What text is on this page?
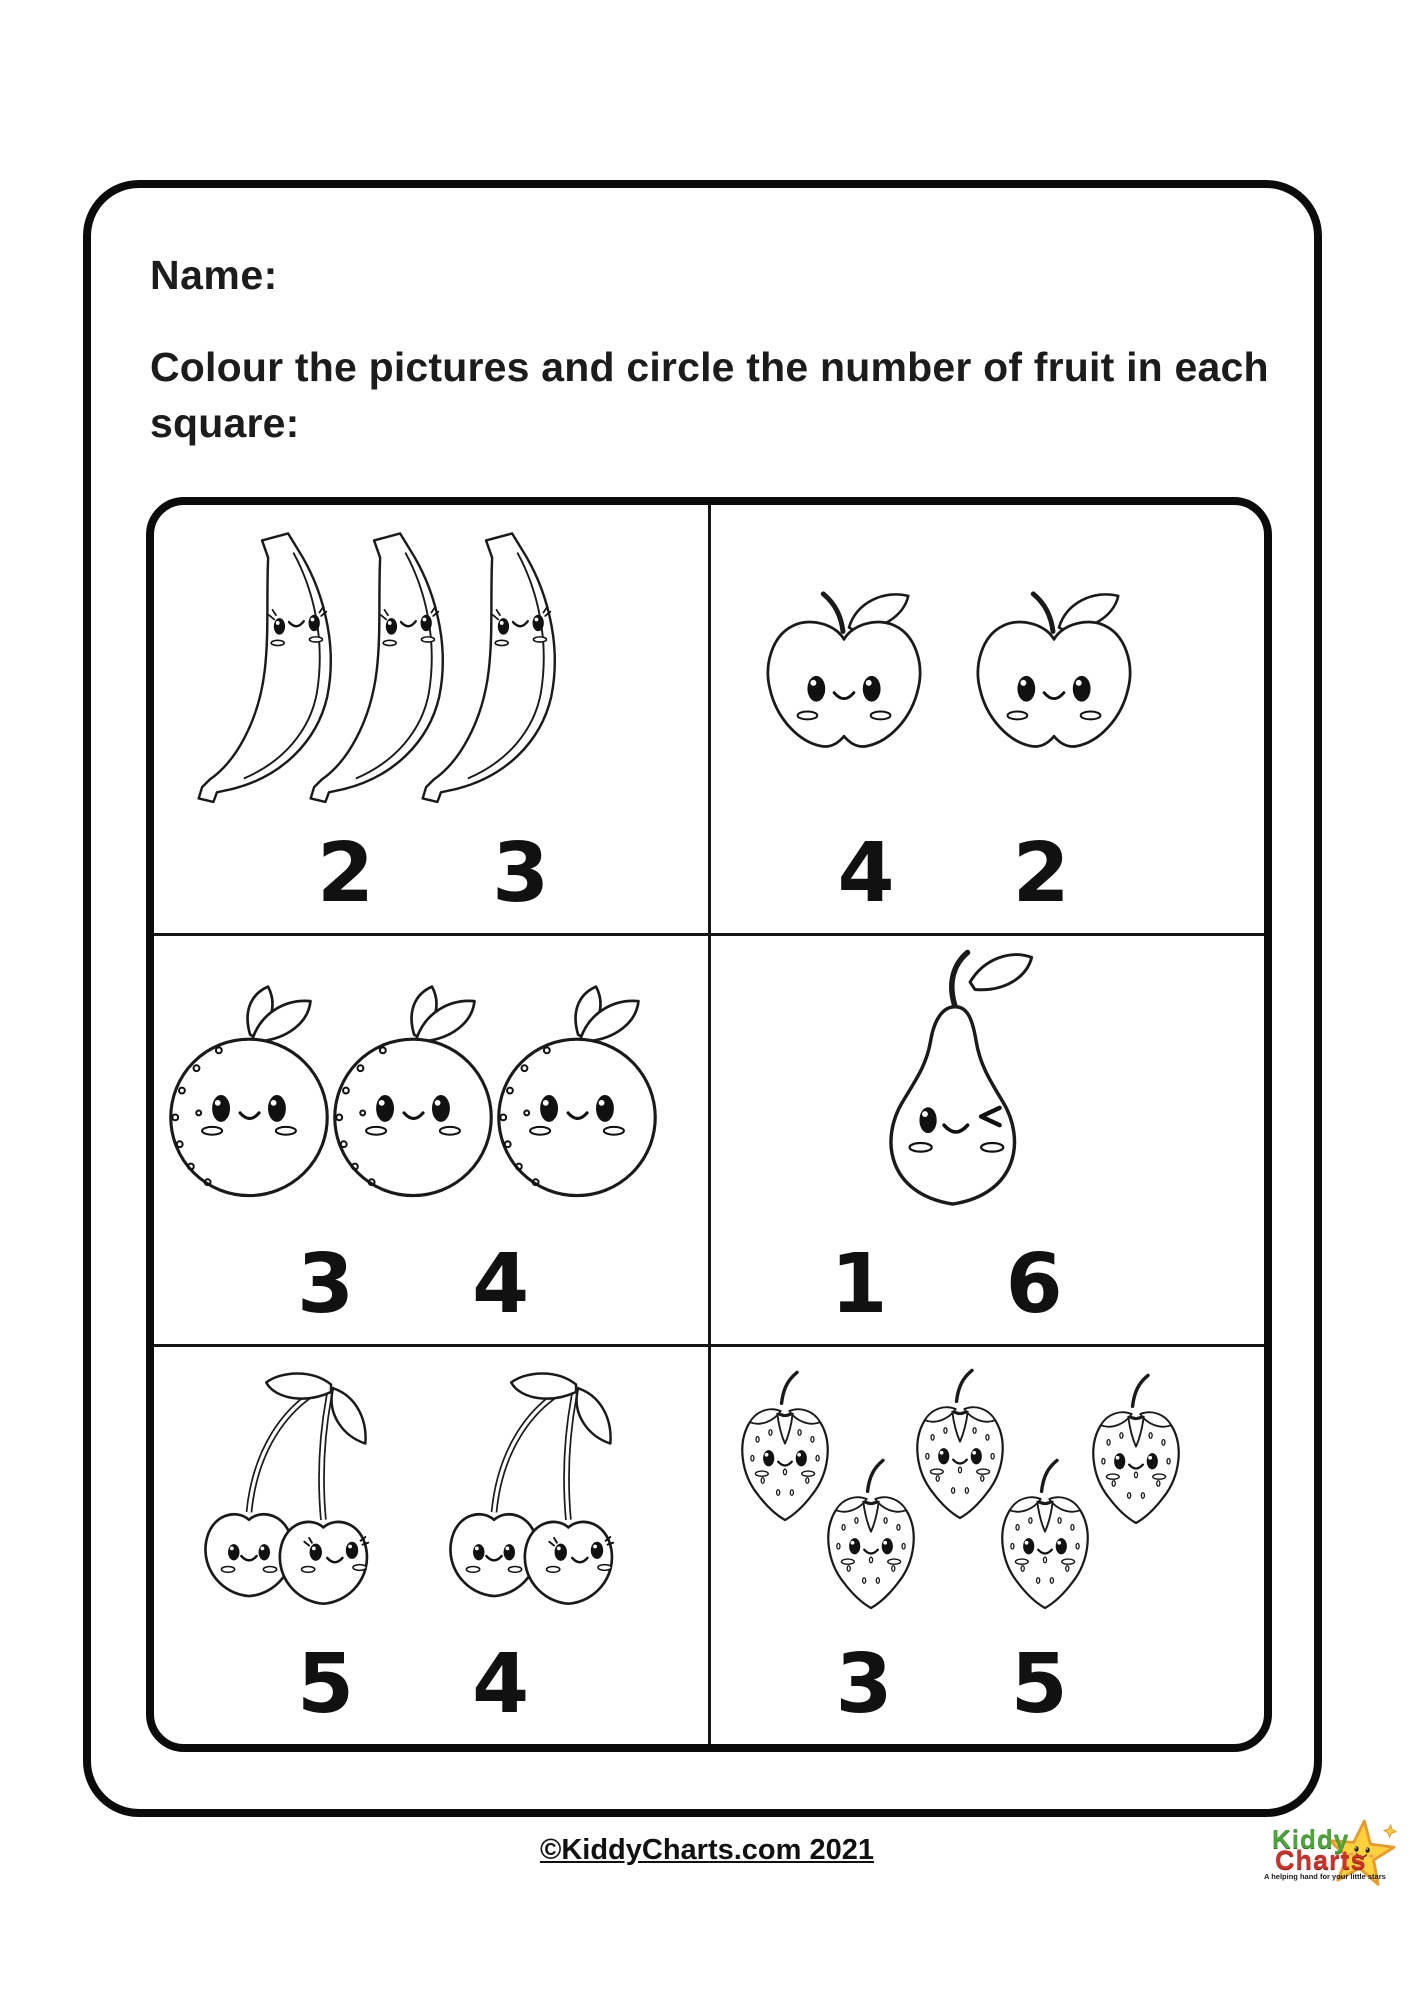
Name:
Colour the pictures and circle the number of fruit in each square:
2 3	4 2
3 4	1 6
5 4	3 5
©KiddyCharts.com 2021	Kiddy
Charts
A helping hand for your little stars
